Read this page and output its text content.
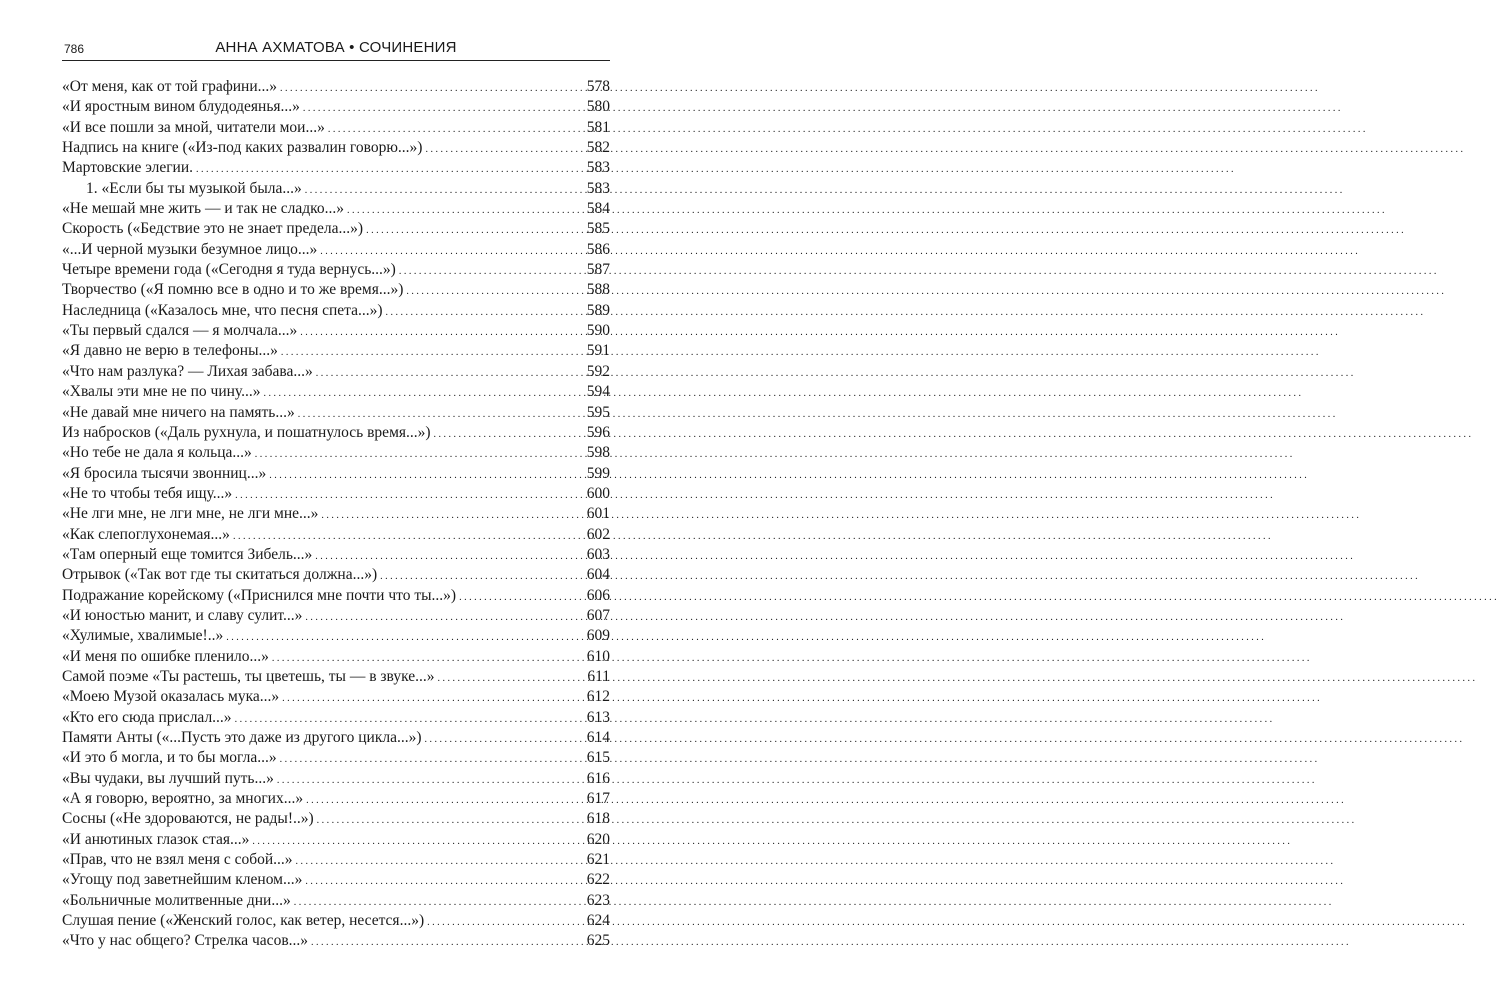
786	АННА АХМАТОВА • СОЧИНЕНИЯ
«От меня, как от той графини...» .....	578
«И яростным вином блудодеянья...» .....	580
«И все пошли за мной, читатели мои...» .....	581
Надпись на книге («Из-под каких развалин говорю...») .....	582
Мартовские элегии. .....	583
1. «Если бы ты музыкой была...» .....	583
«Не мешай мне жить — и так не сладко...» .....	584
Скорость («Бедствие это не знает предела...») .....	585
«...И черной музыки безумное лицо...» .....	586
Четыре времени года («Сегодня я туда вернусь...») .....	587
Творчество («Я помню все в одно и то же время...») .....	588
Наследница («Казалось мне, что песня спета...») .....	589
«Ты первый сдался — я молчала...» .....	590
«Я давно не верю в телефоны...» .....	591
«Что нам разлука? — Лихая забава...» .....	592
«Хвалы эти мне не по чину...» .....	594
«Не давай мне ничего на память...» .....	595
Из набросков («Даль рухнула, и пошатнулось время...») .....	596
«Но тебе не дала я кольца...» .....	598
«Я бросила тысячи звонниц...» .....	599
«Не то чтобы тебя ищу...» .....	600
«Не лги мне, не лги мне, не лги мне...» .....	601
«Как слепоглухонемая...» .....	602
«Там оперный еще томится Зибель...» .....	603
Отрывок («Так вот где ты скитаться должна...») .....	604
Подражание корейскому («Приснился мне почти что ты...») .....	606
«И юностью манит, и славу сулит...» .....	607
«Хулимые, хвалимые!..» .....	609
«И меня по ошибке пленило...» .....	610
Самой поэме «Ты растешь, ты цветешь, ты — в звуке...» .....	611
«Моею Музой оказалась мука...» .....	612
«Кто его сюда прислал...» .....	613
Памяти Анты («...Пусть это даже из другого цикла...») .....	614
«И это б могла, и то бы могла...» .....	615
«Вы чудаки, вы лучший путь...» .....	616
«А я говорю, вероятно, за многих...» .....	617
Сосны («Не здороваются, не рады!..») .....	618
«И анютиных глазок стая...» .....	620
«Прав, что не взял меня с собой...» .....	621
«Угощу под заветнейшим кленом...» .....	622
«Больничные молитвенные дни...» .....	623
Слушая пение («Женский голос, как ветер, несется...») .....	624
«Что у нас общего? Стрелка часов...» .....	625
